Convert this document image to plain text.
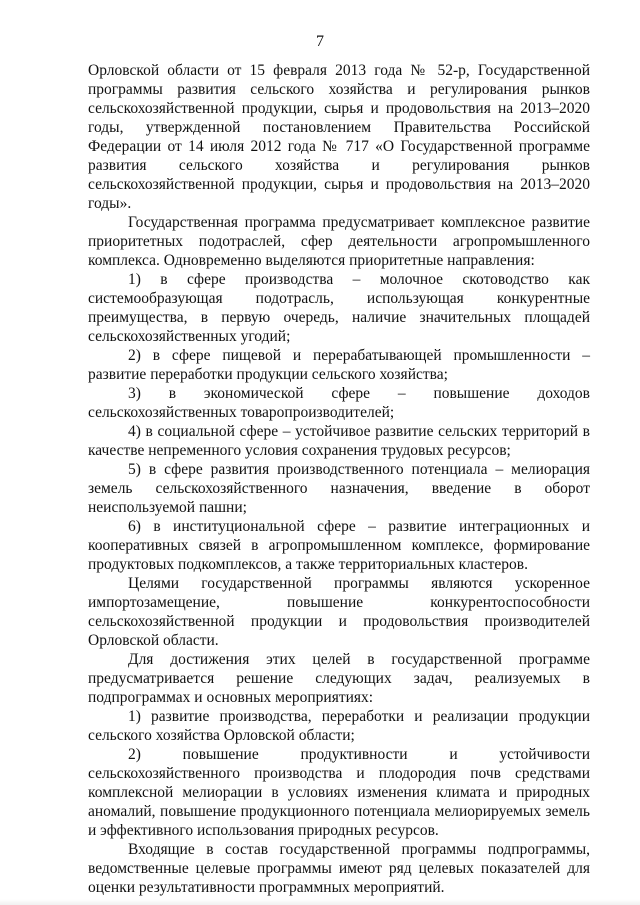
7

Орловской области от 15 февраля 2013 года № 52-р, Государственной программы развития сельского хозяйства и регулирования рынков сельскохозяйственной продукции, сырья и продовольствия на 2013–2020 годы, утвержденной постановлением Правительства Российской Федерации от 14 июля 2012 года № 717 «О Государственной программе развития сельского хозяйства и регулирования рынков сельскохозяйственной продукции, сырья и продовольствия на 2013–2020 годы».

Государственная программа предусматривает комплексное развитие приоритетных подотраслей, сфер деятельности агропромышленного комплекса. Одновременно выделяются приоритетные направления:

1) в сфере производства – молочное скотоводство как системообразующая подотрасль, использующая конкурентные преимущества, в первую очередь, наличие значительных площадей сельскохозяйственных угодий;

2) в сфере пищевой и перерабатывающей промышленности – развитие переработки продукции сельского хозяйства;

3) в экономической сфере – повышение доходов сельскохозяйственных товаропроизводителей;

4) в социальной сфере – устойчивое развитие сельских территорий в качестве непременного условия сохранения трудовых ресурсов;

5) в сфере развития производственного потенциала – мелиорация земель сельскохозяйственного назначения, введение в оборот неиспользуемой пашни;

6) в институциональной сфере – развитие интеграционных и кооперативных связей в агропромышленном комплексе, формирование продуктовых подкомплексов, а также территориальных кластеров.

Целями государственной программы являются ускоренное импортозамещение, повышение конкурентоспособности сельскохозяйственной продукции и продовольствия производителей Орловской области.

Для достижения этих целей в государственной программе предусматривается решение следующих задач, реализуемых в подпрограммах и основных мероприятиях:

1) развитие производства, переработки и реализации продукции сельского хозяйства Орловской области;

2) повышение продуктивности и устойчивости сельскохозяйственного производства и плодородия почв средствами комплексной мелиорации в условиях изменения климата и природных аномалий, повышение продукционного потенциала мелиорируемых земель и эффективного использования природных ресурсов.

Входящие в состав государственной программы подпрограммы, ведомственные целевые программы имеют ряд целевых показателей для оценки результативности программных мероприятий.
